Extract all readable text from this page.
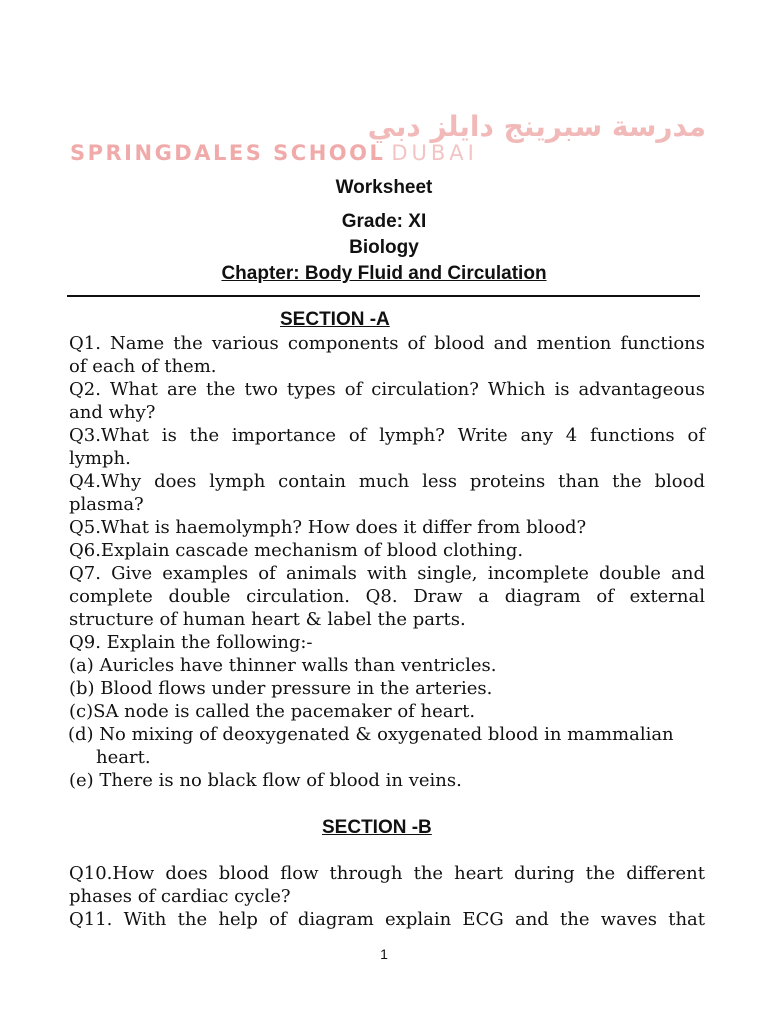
مدرسة سبرينج دايلز دبي
SPRINGDALES SCHOOL DUBAI
Worksheet
Grade: XI
Biology
Chapter: Body Fluid and Circulation
SECTION -A
Q1. Name the various components of blood and mention functions
of each of them.
Q2. What are the two types of circulation? Which is advantageous
and why?
Q3.What is the importance of lymph? Write any 4 functions of
lymph.
Q4.Why does lymph contain much less proteins than the blood
plasma?
Q5.What is haemolymph? How does it differ from blood?
Q6.Explain cascade mechanism of blood clothing.
Q7. Give examples of animals with single, incomplete double and
complete double circulation. Q8. Draw a diagram of external
structure of human heart & label the parts.
Q9. Explain the following:-
(a) Auricles have thinner walls than ventricles.
(b) Blood flows under pressure in the arteries.
(c)SA node is called the pacemaker of heart.
(d) No mixing of deoxygenated & oxygenated blood in mammalian
heart.
(e) There is no black flow of blood in veins.
SECTION -B
Q10.How does blood flow through the heart during the different
phases of cardiac cycle?
Q11. With the help of diagram explain ECG and the waves that
1
